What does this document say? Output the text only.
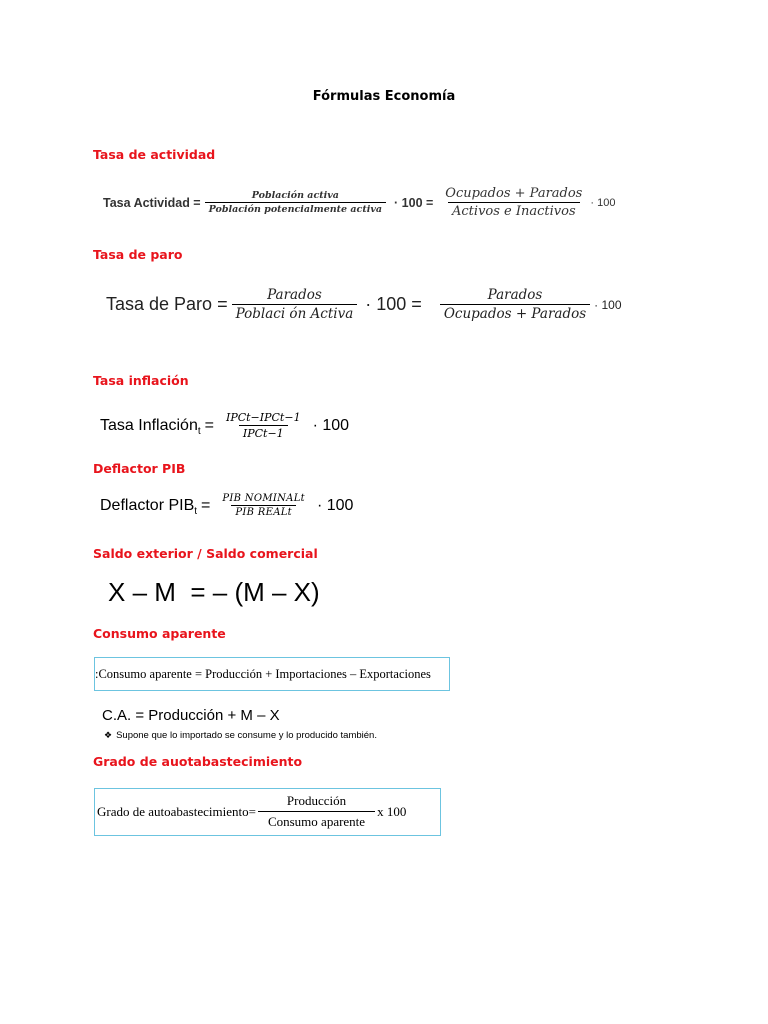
Fórmulas Economía
Tasa de actividad
Tasa Actividad = $\frac{\text{Población activa}}{\text{Población potencialmente activa}} \cdot 100 = \frac{\text{Ocupados + Parados}}{\text{Activos e Inactivos}} \cdot 100$
Tasa de paro
Tasa de Paro = $\frac{\text{Parados}}{\text{Poblaci ón Activa}} \cdot 100 = \frac{\text{Parados}}{\text{Ocupados + Parados}} \cdot 100$
Tasa inflación
Tasa Inflación $t = \frac{\text{IPCt−IPCt−1}}{\text{IPCt−1}} \cdot 100$
Deflactor PIB
Deflactor PIB $t = \frac{\text{PIB NOMINALt}}{\text{PIB REALt}} \cdot 100$
Saldo exterior / Saldo comercial
X – M  = – (M – X)
Consumo aparente
:Consumo aparente = Producción + Importaciones – Exportaciones
C.A. = Producción + M – X
❖ Supone que lo importado se consume y lo producido también.
Grado de auotabastecimiento
Grado de autoabastecimiento= $\frac{\text{Producción}}{\text{Consumo aparente}}$ x 100
